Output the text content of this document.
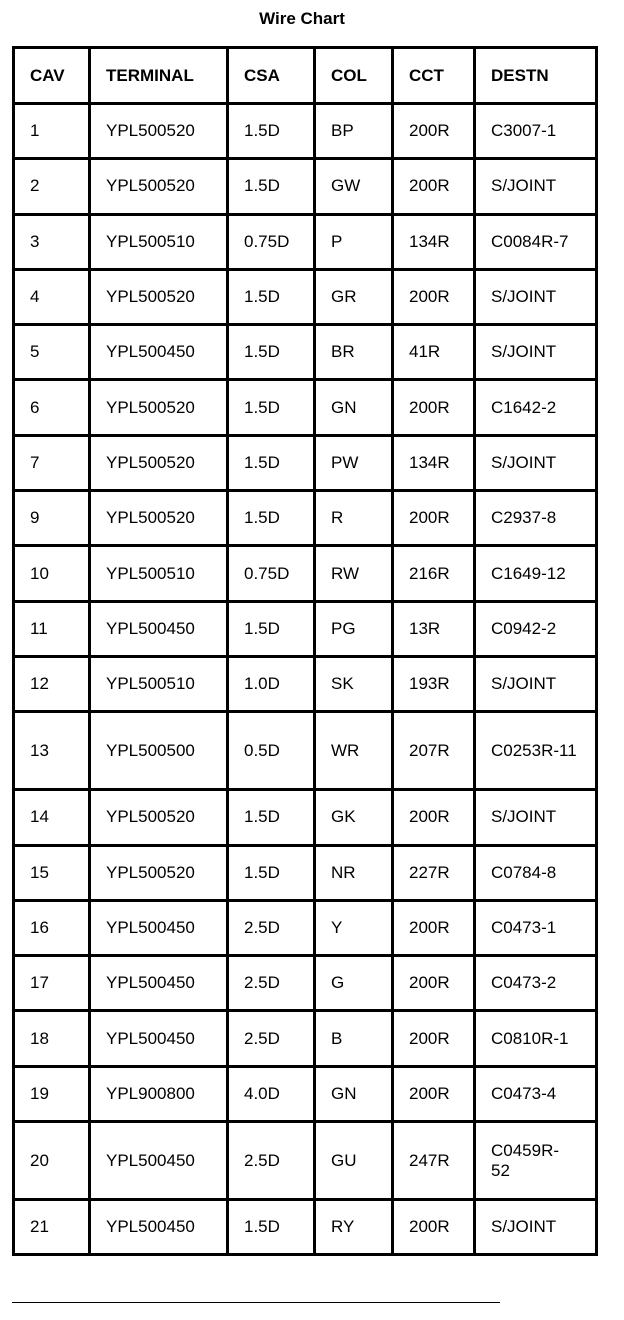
Wire Chart
CAV	TERMINAL	CSA	COL	CCT	DESTN
1	YPL500520	1.5D	BP	200R	C3007-1
2	YPL500520	1.5D	GW	200R	S/JOINT
3	YPL500510	0.75D	P	134R	C0084R-7
4	YPL500520	1.5D	GR	200R	S/JOINT
5	YPL500450	1.5D	BR	41R	S/JOINT
6	YPL500520	1.5D	GN	200R	C1642-2
7	YPL500520	1.5D	PW	134R	S/JOINT
9	YPL500520	1.5D	R	200R	C2937-8
10	YPL500510	0.75D	RW	216R	C1649-12
11	YPL500450	1.5D	PG	13R	C0942-2
12	YPL500510	1.0D	SK	193R	S/JOINT
13	YPL500500	0.5D	WR	207R	C0253R-11
14	YPL500520	1.5D	GK	200R	S/JOINT
15	YPL500520	1.5D	NR	227R	C0784-8
16	YPL500450	2.5D	Y	200R	C0473-1
17	YPL500450	2.5D	G	200R	C0473-2
18	YPL500450	2.5D	B	200R	C0810R-1
19	YPL900800	4.0D	GN	200R	C0473-4
20	YPL500450	2.5D	GU	247R	C0459R-52
21	YPL500450	1.5D	RY	200R	S/JOINT
